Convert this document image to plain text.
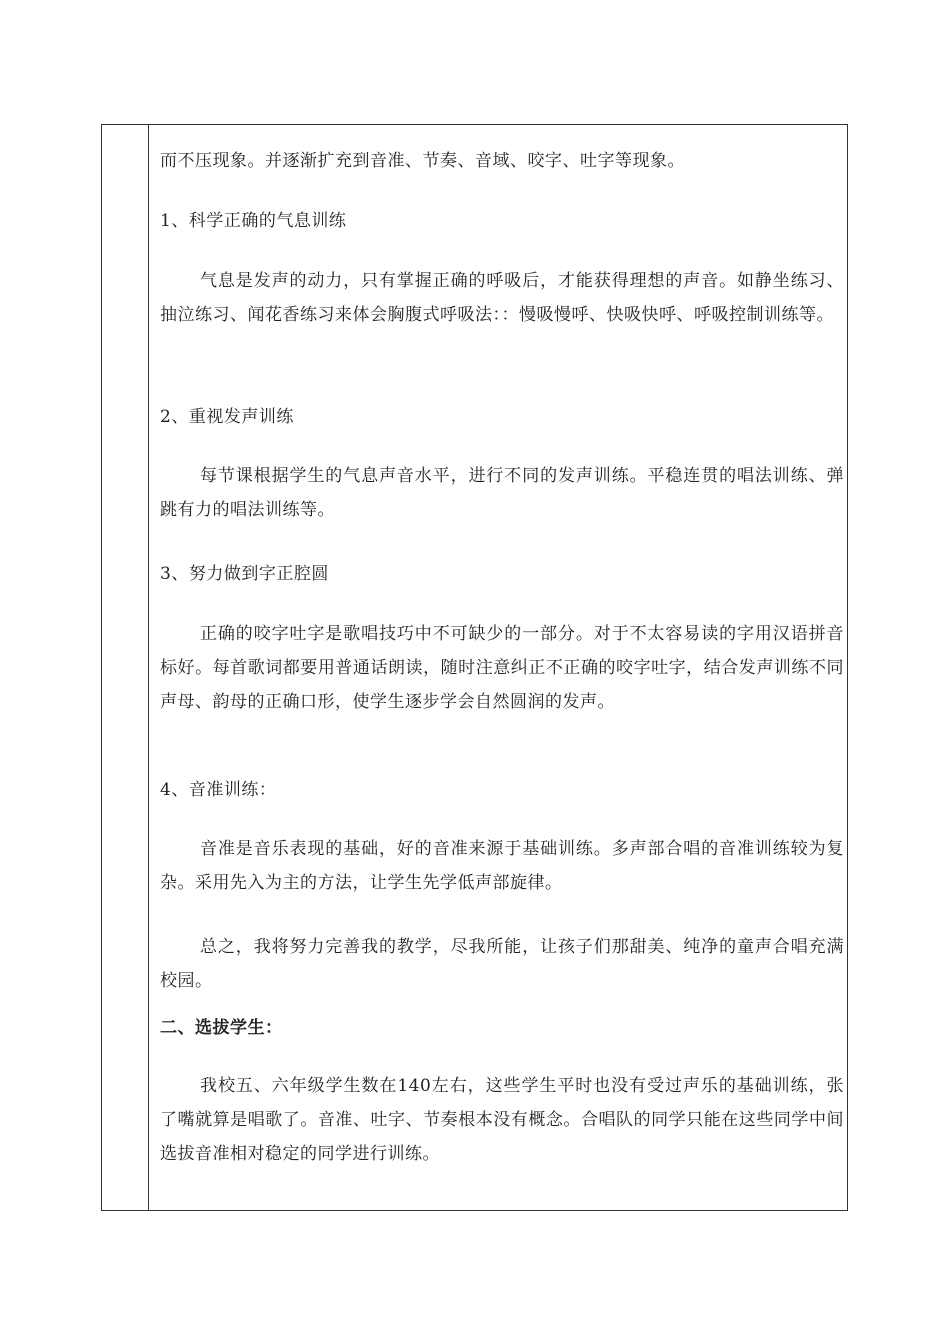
而不压现象。并逐渐扩充到音准、节奏、音域、咬字、吐字等现象。

1、科学正确的气息训练

气息是发声的动力，只有掌握正确的呼吸后，才能获得理想的声音。如静坐练习、抽泣练习、闻花香练习来体会胸腹式呼吸法：：慢吸慢呼、快吸快呼、呼吸控制训练等。

2、重视发声训练

每节课根据学生的气息声音水平，进行不同的发声训练。平稳连贯的唱法训练、弹跳有力的唱法训练等。

3、努力做到字正腔圆

正确的咬字吐字是歌唱技巧中不可缺少的一部分。对于不太容易读的字用汉语拼音标好。每首歌词都要用普通话朗读，随时注意纠正不正确的咬字吐字，结合发声训练不同声母、韵母的正确口形，使学生逐步学会自然圆润的发声。

4、音准训练：

音准是音乐表现的基础，好的音准来源于基础训练。多声部合唱的音准训练较为复杂。采用先入为主的方法，让学生先学低声部旋律。

总之，我将努力完善我的教学，尽我所能，让孩子们那甜美、纯净的童声合唱充满校园。

二、选拔学生：

我校五、六年级学生数在140左右，这些学生平时也没有受过声乐的基础训练，张了嘴就算是唱歌了。音准、吐字、节奏根本没有概念。合唱队的同学只能在这些同学中间选拔音准相对稳定的同学进行训练。
